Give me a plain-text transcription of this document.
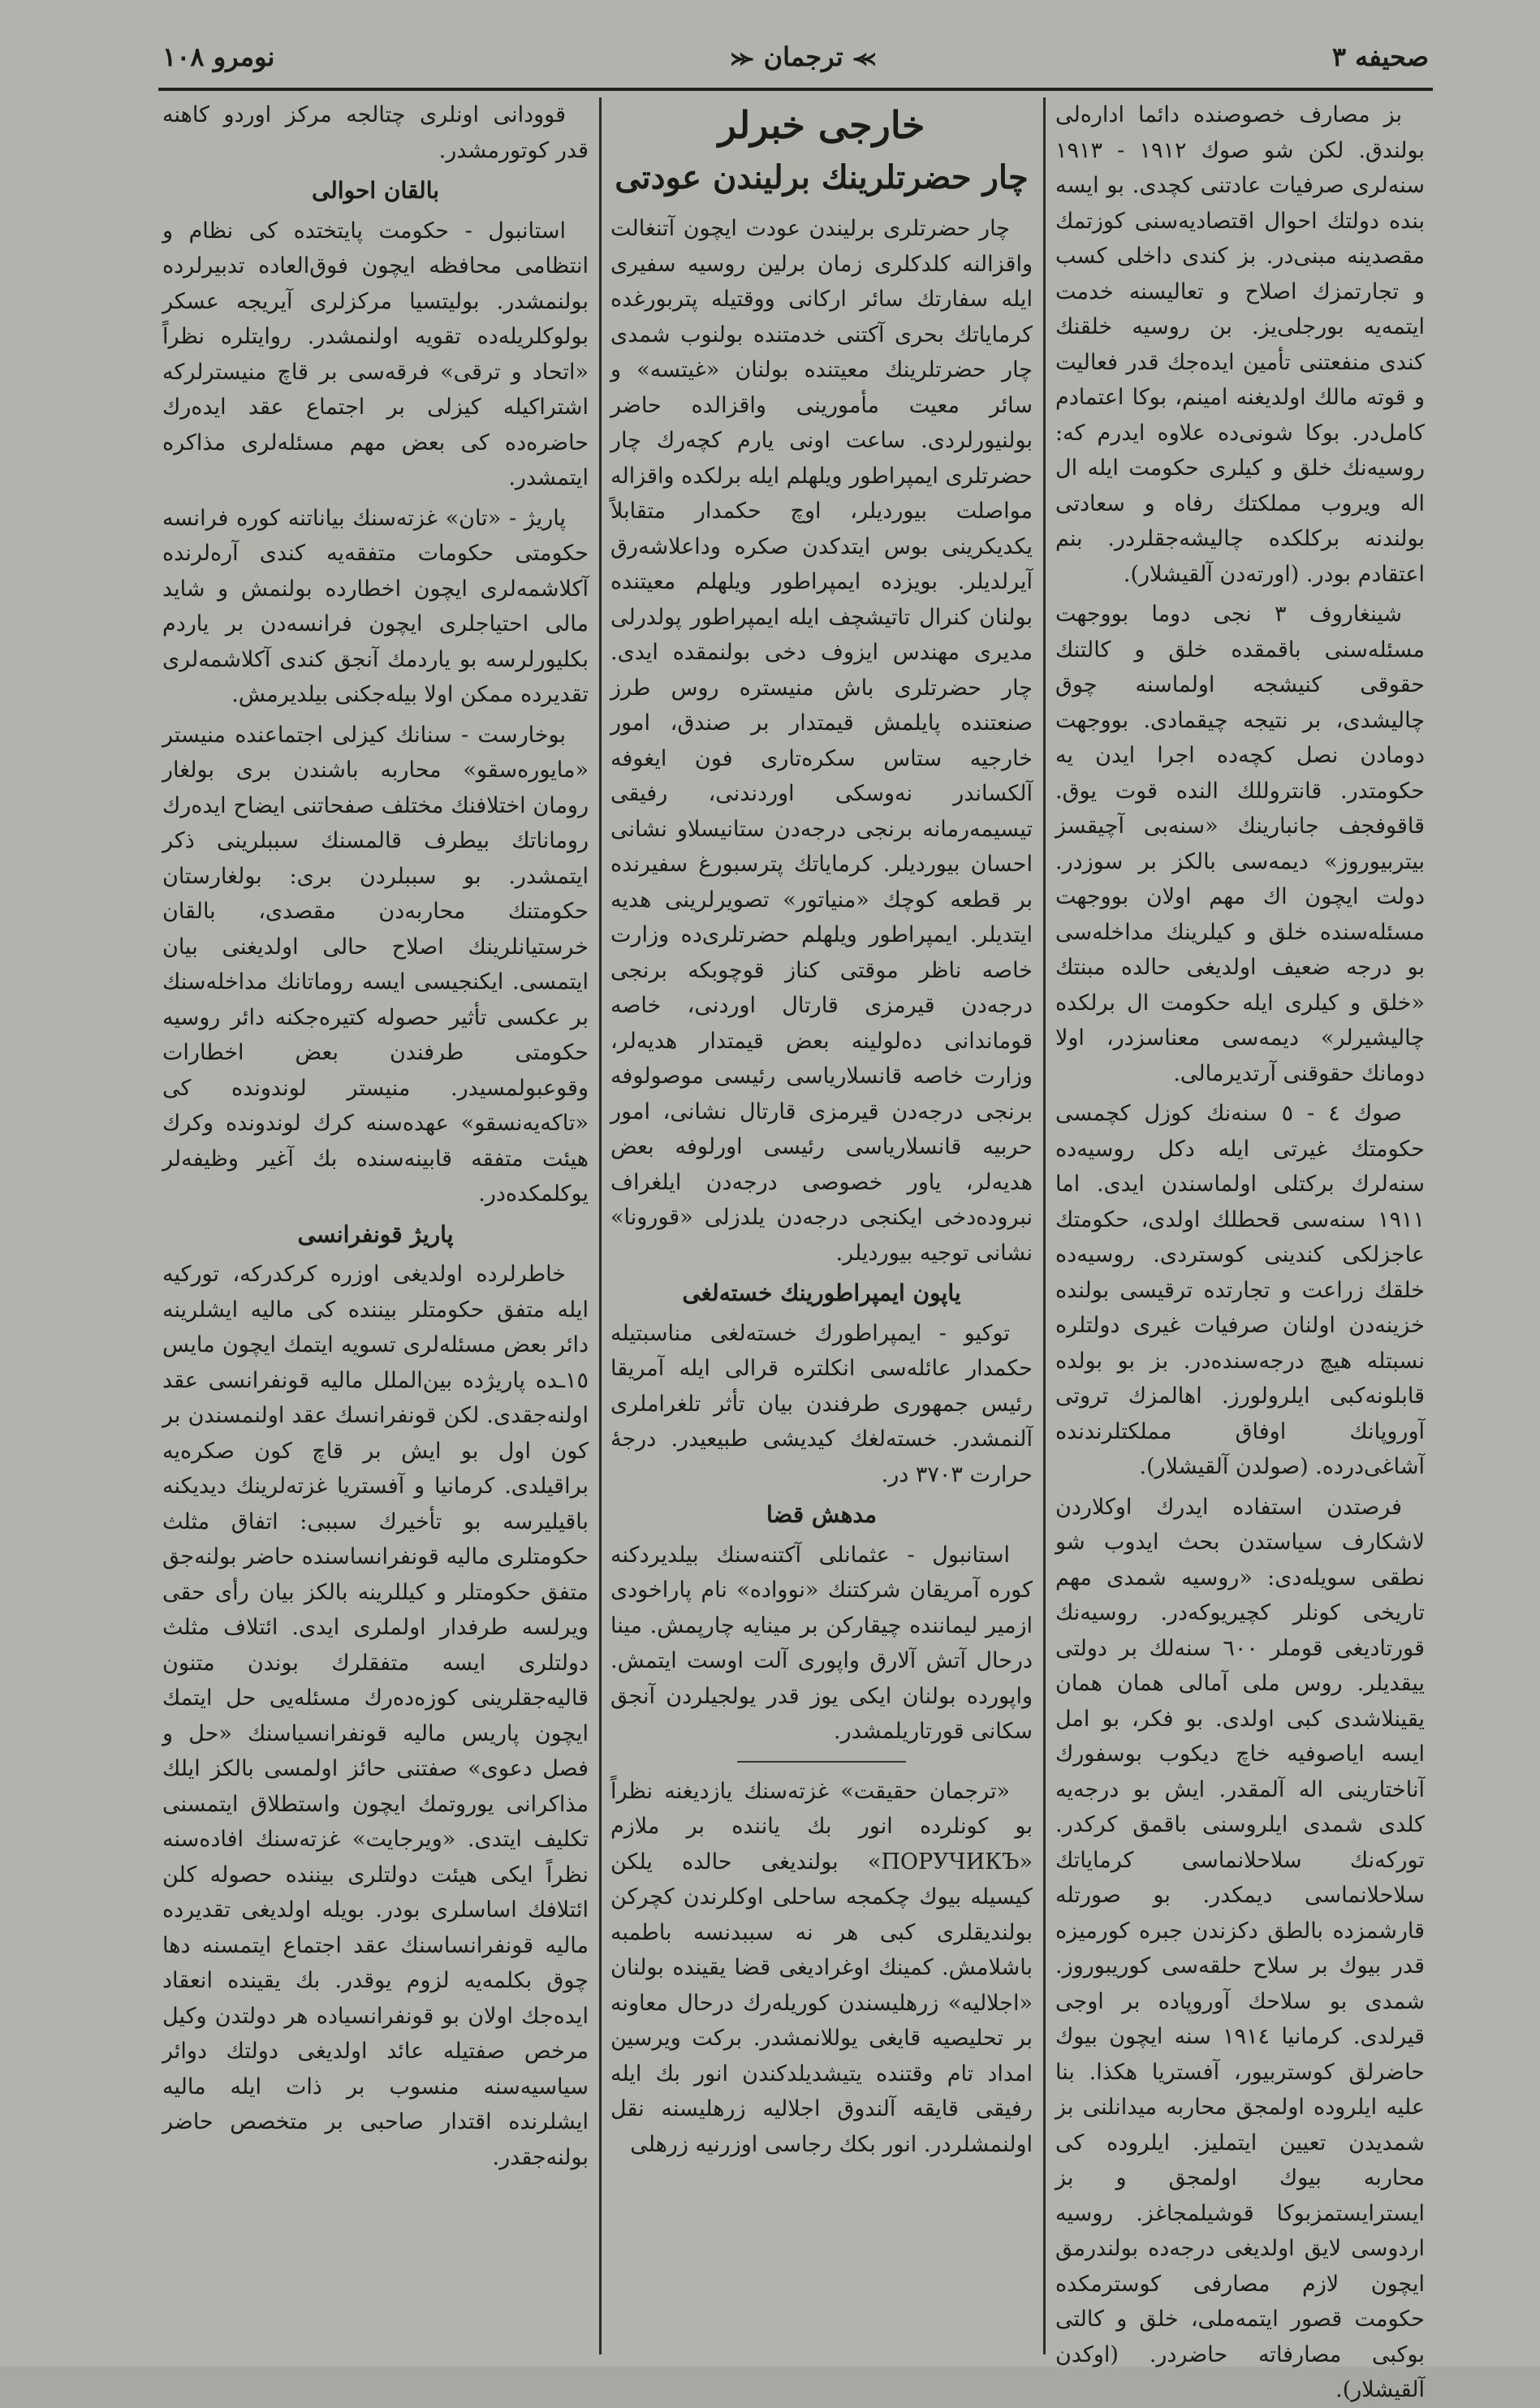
صحيفه ٣
⪼
ترجمان
⪻
نومرو ١٠٨

بز مصارف خصوصنده دائما اداره‌لی بولندق. لكن شو صوك ١٩١٢ - ١٩١٣ سنه‌لری صرفيات عادتنی كچدی. بو ايسه بنده دولتك احوال اقتصاديه‌سنی كوزتمك مقصدينه مبنی‌در. بز كندی داخلی كسب و تجارتمزك اصلاح و تعاليسنه خدمت ايتمه‌يه بورجلی‌يز. بن روسيه خلقنك كندی منفعتنی تأمين ايده‌جك قدر فعاليت و قوته مالك اولديغنه امينم، بوكا اعتمادم كامل‌در. بوكا شونی‌ده علاوه ايدرم كه: روسيه‌نك خلق و كيلری حكومت ايله ال اله ويروب مملكتك رفاه و سعادتی بولندنه بركلكده چاليشه‌جقلردر. بنم اعتقادم بودر. (اورته‌دن آلقيشلار).

شينغاروف ٣ نجی دوما بووجهت مسئله‌سنی باقمقده خلق و كالتنك حقوقی كنيشجه اولماسنه چوق چاليشدی، بر نتيجه چيقمادی. بووجهت دومادن نصل كچه‌ده اجرا ايدن يه حكومتدر. قانتروللك النده قوت يوق. قاقوفجف جانبارينك «سنه‌بی آچيقسز بيتربيوروز» ديمه‌سی بالكز بر سوزدر. دولت ايچون اك مهم اولان بووجهت مسئله‌سنده خلق و كيلرينك مداخله‌سی بو درجه ضعيف اولديغی حالده مبنتك «خلق و كيلری ايله حكومت ال برلكده چاليشيرلر» ديمه‌سی معناسزدر، اولا دومانك حقوقنی آرتديرمالی.

صوك ٤ - ٥ سنه‌نك كوزل كچمسی حكومتك غيرتی ايله دكل روسيه‌ده سنه‌لرك بركتلی اولماسندن ايدی. اما ١٩١١ سنه‌سی قحطلك اولدی، حكومتك عاجزلكی كندينی كوستردی. روسيه‌ده خلقك زراعت و تجارتده ترقيسی بولنده خزينه‌دن اولنان صرفيات غيری دولتلره نسبتله هيچ درجه‌سنده‌در. بز بو بولده قابلونه‌كبی ايلرولورز. اهالمزك تروتی آوروپانك اوفاق مملكتلرندنده آشاغی‌درده. (صولدن آلقيشلار).

فرصتدن استفاده ايدرك اوكلاردن لاشكارف سياستدن بحث ايدوب شو نطقی سويله‌دی: «روسيه شمدی مهم تاريخی كونلر كچيريوكه‌در. روسيه‌نك قورتاديغی قوملر ٦٠٠ سنه‌لك بر دولتی ييقديلر. روس ملی آمالی همان همان يقينلاشدی كبی اولدی. بو فكر، بو امل ايسه اياصوفيه خاچ ديكوب بوسفورك آناختارينی اله آلمقدر. ايش بو درجه‌يه كلدی شمدی ايلروسنی باقمق كركدر. توركه‌نك سلاحلانماسی كرماياتك سلاحلانماسی ديمكدر. بو صورتله قارشمزده بالطق دكزندن جبره كورميزه قدر بيوك بر سلاح حلقه‌سی كوريبوروز. شمدی بو سلاحك آوروپاده بر اوجی قيرلدی. كرمانيا ١٩١٤ سنه ايچون بيوك حاضرلق كوستربيور، آفستريا هكذا. بنا عليه ايلروده اولمجق محاربه ميدانلنی بز شمديدن تعيين ايتمليز. ايلروده كی محاربه بيوك اولمجق و بز ايسترايستمزبوكا قوشيلمجاغز. روسيه اردوسی لايق اولديغی درجه‌ده بولندرمق ايچون لازم مصارفی كوسترمكده حكومت قصور ايتمه‌ملی، خلق و كالتی بوكبی مصارفاته حاضردر. (اوكدن آلقيشلار).

خارجی خبرلر
چار حضرتلرينك برليندن عودتی

چار حضرتلری برليندن عودت ايچون آتنغالت واقزالنه كلدكلری زمان برلين روسيه سفيری ايله سفارتك سائر اركانی ووقتيله پتربورغده كرماياتك بحری آكتنی خدمتنده بولنوب شمدی چار حضرتلرينك معيتنده بولنان «غيتسه» و سائر معيت مأمورينی واقزالده حاضر بولنيورلردی. ساعت اونی يارم كچه‌رك چار حضرتلری ايمپراطور ويلهلم ايله برلكده واقزاله مواصلت بيورديلر، اوچ حكمدار متقابلاً يكديكرينی بوس ايتدكدن صكره وداعلاشه‌رق آيرلديلر. بويزده ايمپراطور ويلهلم معيتنده بولنان كنرال تاتيشچف ايله ايمپراطور پولدرلی مديری مهندس ايزوف دخی بولنمقده ايدی. چار حضرتلری باش منيستره روس طرز صنعتنده پايلمش قيمتدار بر صندق، امور خارجيه ستاس سكره‌تاری فون ايغوفه آلكساندر نه‌وسكی اوردندنی، رفيقی تيسيمه‌رمانه برنجی درجه‌دن ستانيسلاو نشانی احسان بيورديلر. كرماياتك پترسبورغ سفيرنده بر قطعه كوچك «منياتور» تصويرلرينی هديه ايتديلر. ايمپراطور ويلهلم حضرتلری‌ده وزارت خاصه ناظر موقتی كناز قوچوبكه برنجی درجه‌دن قيرمزی قارتال اوردنی، خاصه قوماندانی ده‌لولينه بعض قيمتدار هديه‌لر، وزارت خاصه قانسلارياسی رئيسی موصولوفه برنجی درجه‌دن قيرمزی قارتال نشانی، امور حربيه قانسلارياسی رئيسی اورلوفه بعض هديه‌لر، ياور خصوصی درجه‌دن ايلغراف نبروده‌دخی ايكنجی درجه‌دن يلدزلی «قورونا» نشانی توجيه بيورديلر.

ياپون ايمپراطورينك خسته‌لغی

توكيو - ايمپراطورك خسته‌لغی مناسبتيله حكمدار عائله‌سی انكلتره قرالی ايله آمريقا رئيس جمهوری طرفندن بيان تأثر تلغراملری آلنمشدر. خسته‌لغك كيدیشی طبيعيدر. درجۀ حرارت ٣٧٠٣ در.

مدهش قضا

استانبول - عثمانلی آكتنه‌سنك بيلديردكنه كوره آمريقان شركتنك «نوواده» نام پاراخودی ازمير ليماننده چيقاركن بر مينايه چارپمش. مينا درحال آتش آلارق واپوری آلت اوست ايتمش. واپورده بولنان ايكی يوز قدر يولجيلردن آنجق سكانی قورتاريلمشدر.

«ترجمان حقيقت» غزته‌سنك يازديغنه نظراً بو كونلرده انور بك ياننده بر ملازم «ПОРУЧИКЪ» بولنديغی حالده يلكن كيسيله بيوك چكمجه ساحلی اوكلرندن كچركن بولنديقلری كبی هر نه سببدنسه باطمبه باشلامش. كمينك اوغراديغی قضا يقينده بولنان «اجلالیه» زرهليسندن كوريله‌رك درحال معاونه بر تحليصيه قايغی يوللانمشدر. بركت ويرسين امداد تام وقتنده يتيشديلدكندن انور بك ايله رفيقی قايقه آلندوق اجلاليه زرهليسنه نقل اولنمشلردر. انور بكك رجاسی اوزرنيه زرهلی

قوودانی اونلری چتالجه مركز اوردو كاهنه قدر كوتورمشدر.

بالقان احوالی

استانبول - حكومت پايتختده كی نظام و انتظامی محافظه ايچون فوق‌العاده تدبيرلرده بولنمشدر. بوليتسيا مركزلری آيريجه عسكر بولوكلريله‌ده تقويه اولنمشدر. روايتلره نظراً «اتحاد و ترقی» فرقه‌سی بر قاچ منيسترلركه اشتراكيله كيزلی بر اجتماع عقد ايده‌رك حاضره‌ده كی بعض مهم مسئله‌لری مذاكره ايتمشدر.

پاريژ - «تان» غزته‌سنك بياناتنه كوره فرانسه حكومتی حكومات متفقه‌يه كندی آره‌لرنده آكلاشمه‌لری ايچون اخطارده بولنمش و شايد مالی احتياجلری ايچون فرانسه‌دن بر ياردم بكليورلرسه بو ياردمك آنجق كندی آكلاشمه‌لری تقديرده ممكن اولا بيله‌جكنی بيلديرمش.

بوخارست - سنانك كيزلی اجتماعنده منيستر «مايوره‌سقو» محاربه باشندن بری بولغار رومان اختلافنك مختلف صفحاتنی ايضاح ايده‌رك روماناتك بيطرف قالمسنك سببلرينی ذكر ايتمشدر. بو سببلردن بری: بولغارستان حكومتنك محاربه‌دن مقصدی، بالقان خرستيانلرينك اصلاح حالی اولديغنی بيان ايتمسی. ايكنجيسی ايسه روماتانك مداخله‌سنك بر عكسی تأثير حصوله كتيره‌جكنه دائر روسيه حكومتی طرفندن بعض اخطارات وقوعبولمسيدر. منيستر لوندونده كی «تاكه‌يه‌نسقو» عهده‌سنه كرك لوندونده وكرك هيئت متفقه قابينه‌سنده بك آغير وظيفه‌لر يوكلمكده‌در.

پاريژ قونفرانسی

خاطرلرده اولديغی اوزره كركدركه، توركيه ايله متفق حكومتلر بيننده كی ماليه ايشلرينه دائر بعض مسئله‌لری تسويه ايتمك ايچون مايس ١٥ـده پاريژده بين‌الملل ماليه قونفرانسی عقد اولنه‌جقدی. لكن قونفرانسك عقد اولنمسندن بر كون اول بو ايش بر قاچ كون صكره‌يه براقيلدی. كرمانيا و آفستريا غزته‌لرينك ديديكنه باقيليرسه بو تأخيرك سببی: اتفاق مثلث حكومتلری ماليه قونفرانساسنده حاضر بولنه‌جق متفق حكومتلر و كيللرينه بالكز بيان رأی حقی ويرلسه طرفدار اولملری ايدی. ائتلاف مثلث دولتلری ايسه متفقلرك بوندن متنون قاليه‌جقلرينی كوزه‌ده‌رك مسئله‌يی حل ايتمك ايچون پاريس ماليه قونفرانسياسنك «حل و فصل دعوی» صفتنی حائز اولمسی بالكز ايلك مذاكرانی يوروتمك ايچون واستطلاق ايتمسنی تكليف ايتدی. «ويرجايت» غزته‌سنك افاده‌سنه نظراً ايكی هيئت دولتلری بيننده حصوله كلن ائتلافك اساسلری بودر. بويله اولديغی تقديرده ماليه قونفرانساسنك عقد اجتماع ايتمسنه دها چوق بكلمه‌يه لزوم يوقدر. بك يقينده انعقاد ايده‌جك اولان بو قونفرانسياده هر دولتدن وكيل مرخص صفتيله عائد اولديغی دولتك دوائر سياسيه‌سنه منسوب بر ذات ايله ماليه ايشلرنده اقتدار صاحبی بر متخصص حاضر بولنه‌جقدر.
